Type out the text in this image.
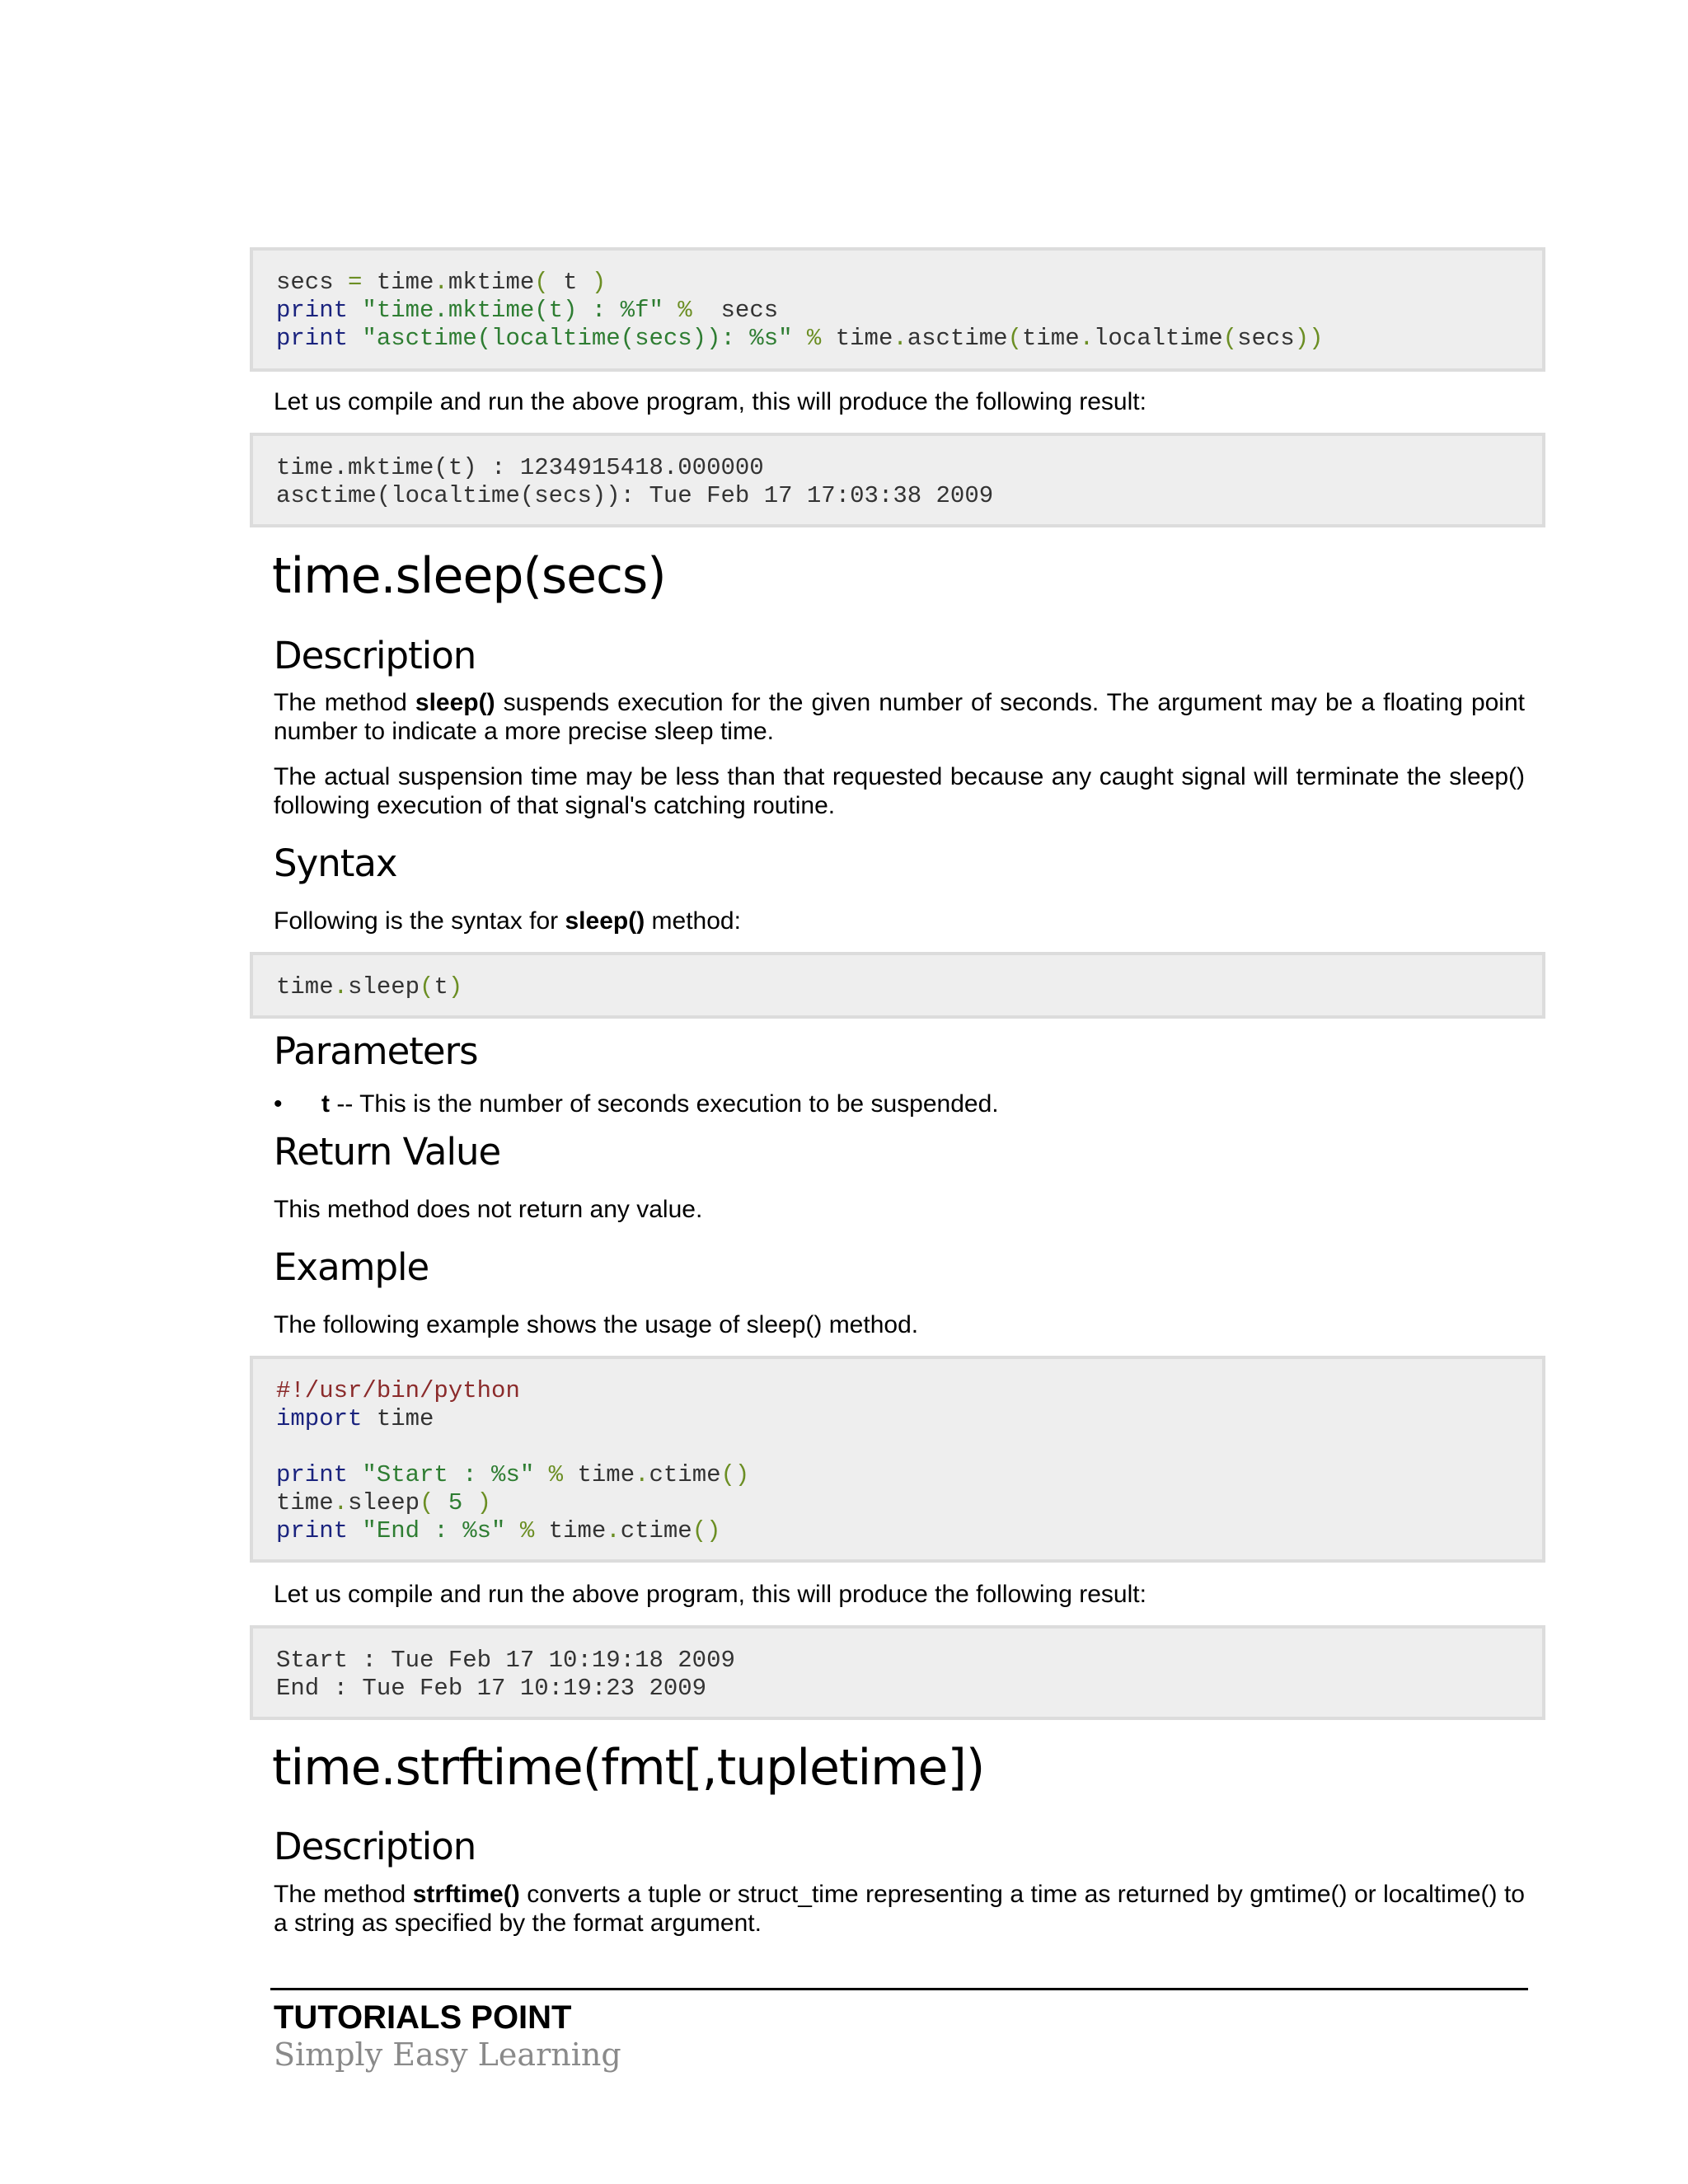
secs = time.mktime( t )
print "time.mktime(t) : %f" %  secs
print "asctime(localtime(secs)): %s" % time.asctime(time.localtime(secs))
Let us compile and run the above program, this will produce the following result:
time.mktime(t) : 1234915418.000000
asctime(localtime(secs)): Tue Feb 17 17:03:38 2009
time.sleep(secs)
Description
The method sleep() suspends execution for the given number of seconds. The argument may be a floating point number to indicate a more precise sleep time.
The actual suspension time may be less than that requested because any caught signal will terminate the sleep() following execution of that signal's catching routine.
Syntax
Following is the syntax for sleep() method:
time.sleep(t)
Parameters
• t -- This is the number of seconds execution to be suspended.
Return Value
This method does not return any value.
Example
The following example shows the usage of sleep() method.
#!/usr/bin/python
import time
print "Start : %s" % time.ctime()
time.sleep( 5 )
print "End : %s" % time.ctime()
Let us compile and run the above program, this will produce the following result:
Start : Tue Feb 17 10:19:18 2009
End : Tue Feb 17 10:19:23 2009
time.strftime(fmt[,tupletime])
Description
The method strftime() converts a tuple or struct_time representing a time as returned by gmtime() or localtime() to a string as specified by the format argument.
TUTORIALS POINT
Simply Easy Learning
